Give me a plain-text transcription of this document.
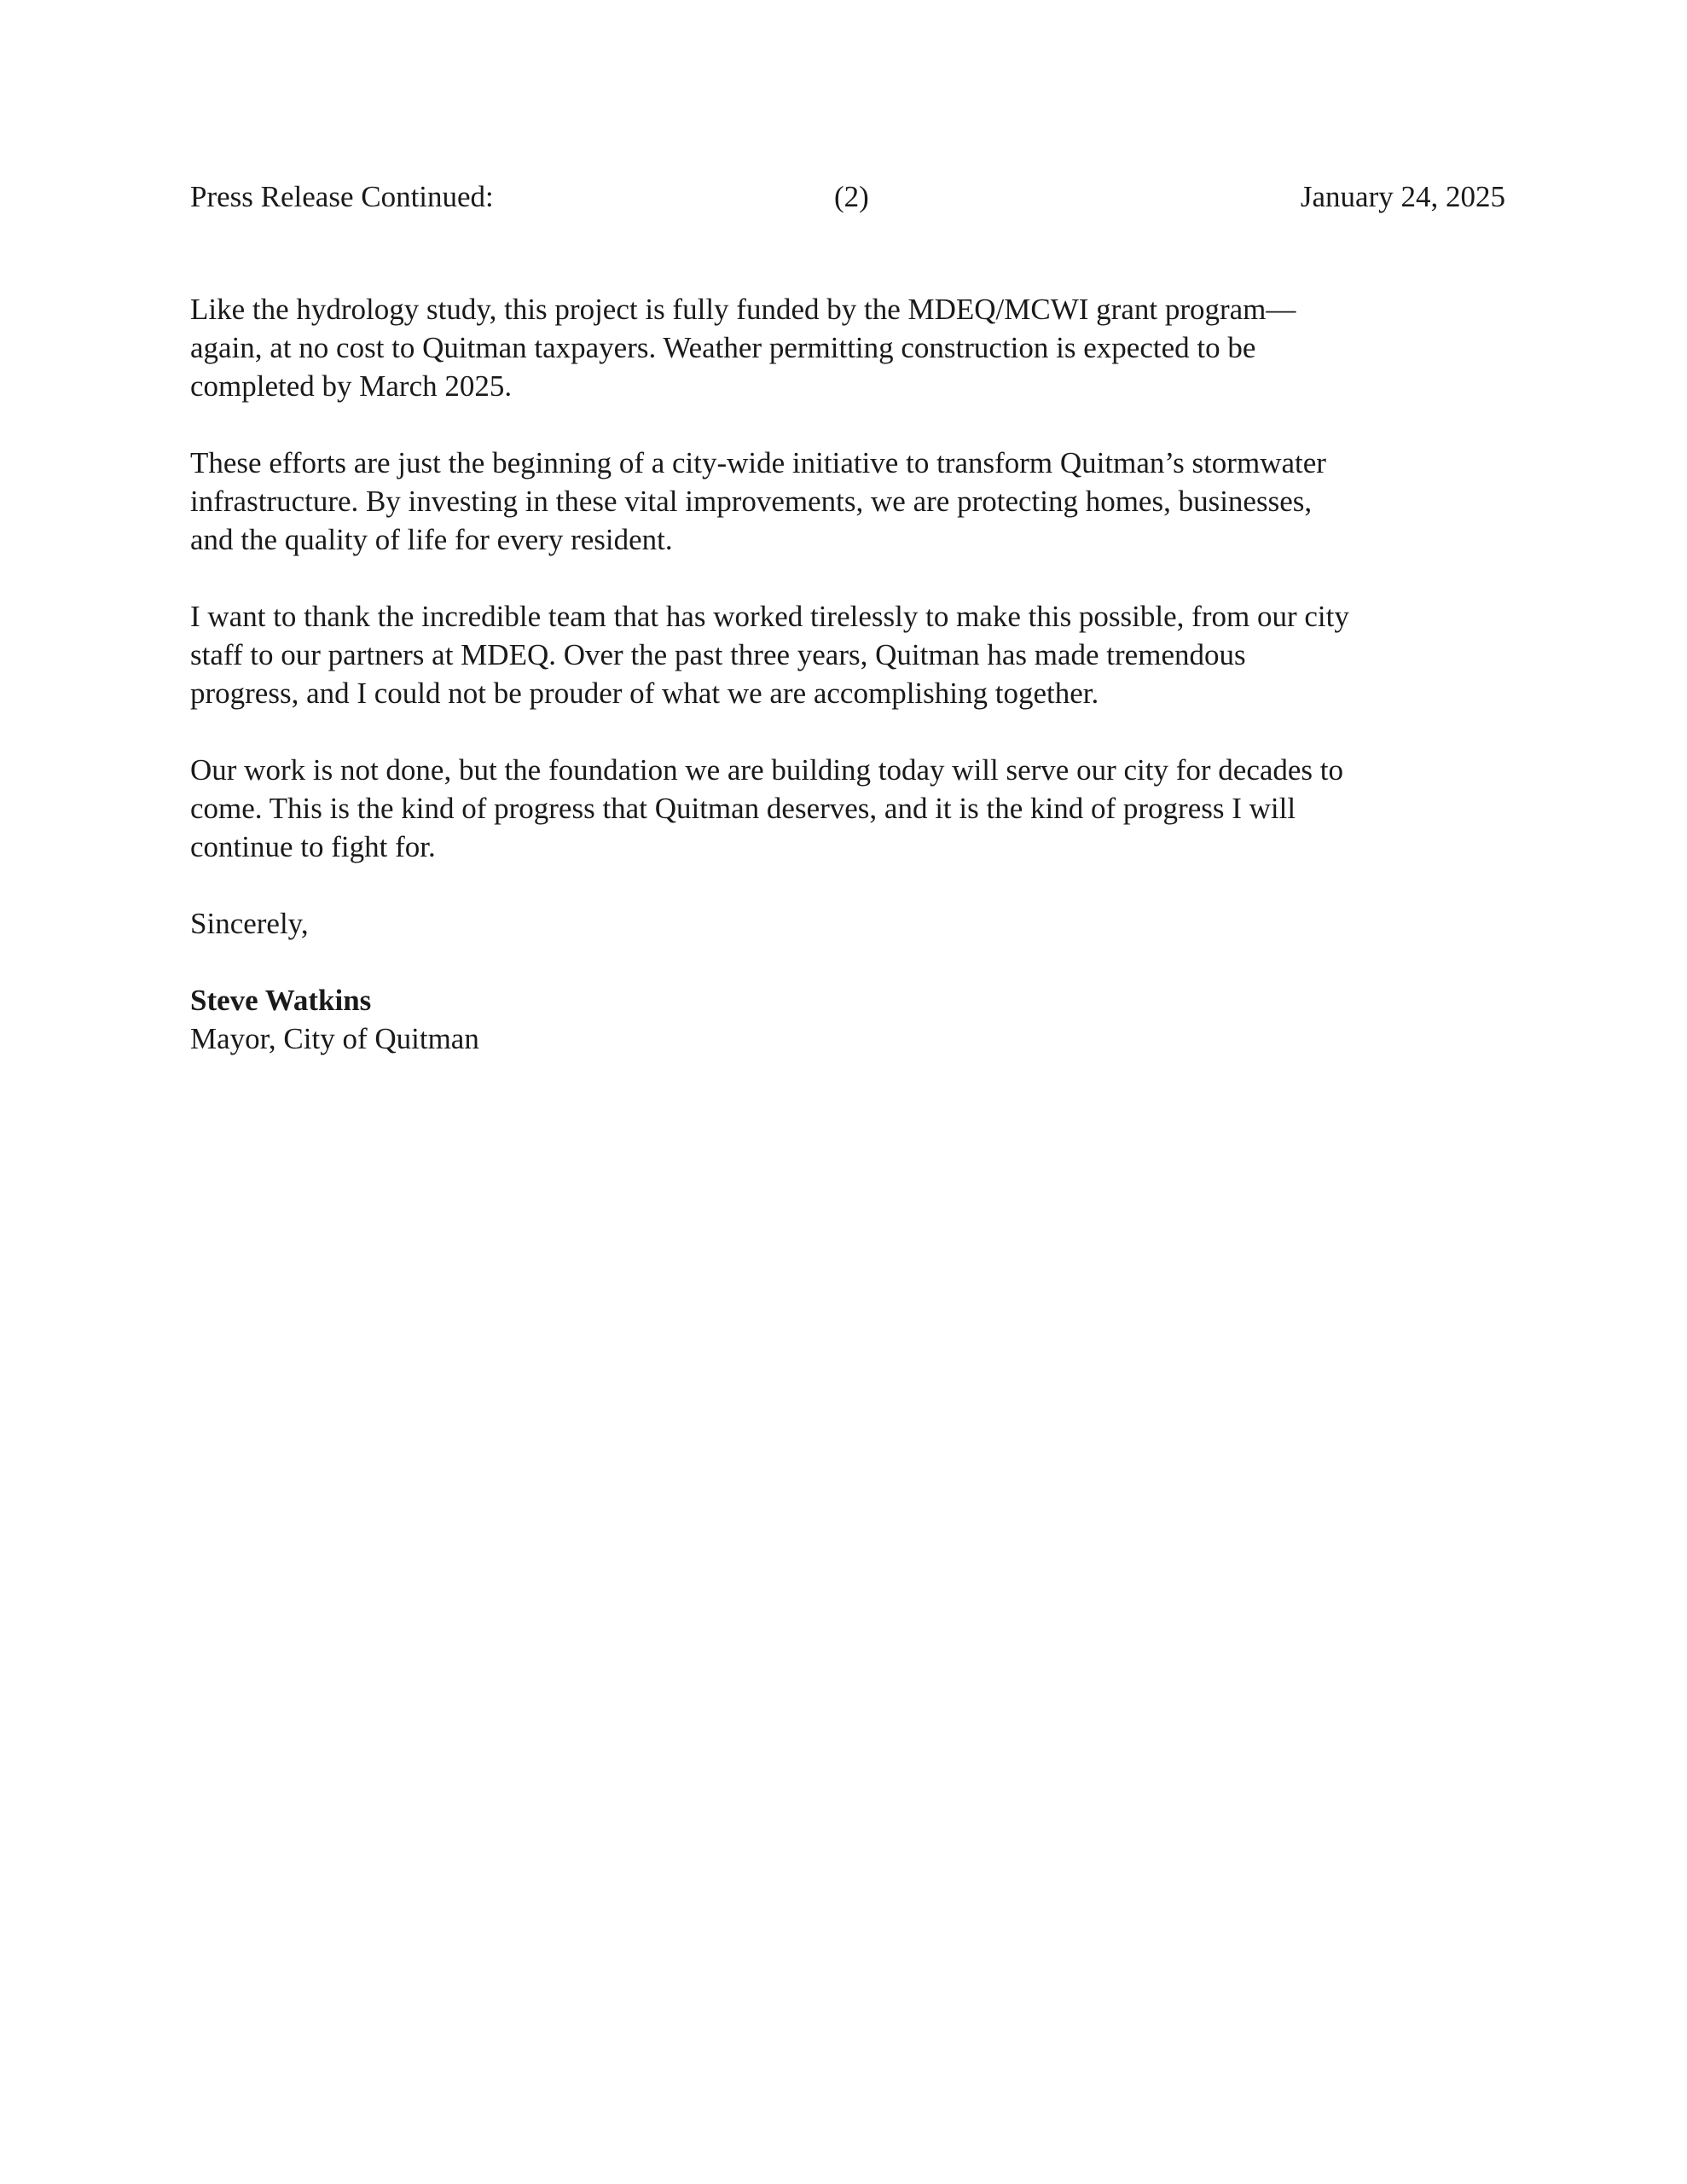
Press Release Continued:	(2)	January 24, 2025

Like the hydrology study, this project is fully funded by the MDEQ/MCWI grant program—
again, at no cost to Quitman taxpayers. Weather permitting construction is expected to be
completed by March 2025.

These efforts are just the beginning of a city-wide initiative to transform Quitman’s stormwater
infrastructure. By investing in these vital improvements, we are protecting homes, businesses,
and the quality of life for every resident.

I want to thank the incredible team that has worked tirelessly to make this possible, from our city
staff to our partners at MDEQ. Over the past three years, Quitman has made tremendous
progress, and I could not be prouder of what we are accomplishing together.

Our work is not done, but the foundation we are building today will serve our city for decades to
come. This is the kind of progress that Quitman deserves, and it is the kind of progress I will
continue to fight for.

Sincerely,

Steve Watkins

Mayor, City of Quitman
